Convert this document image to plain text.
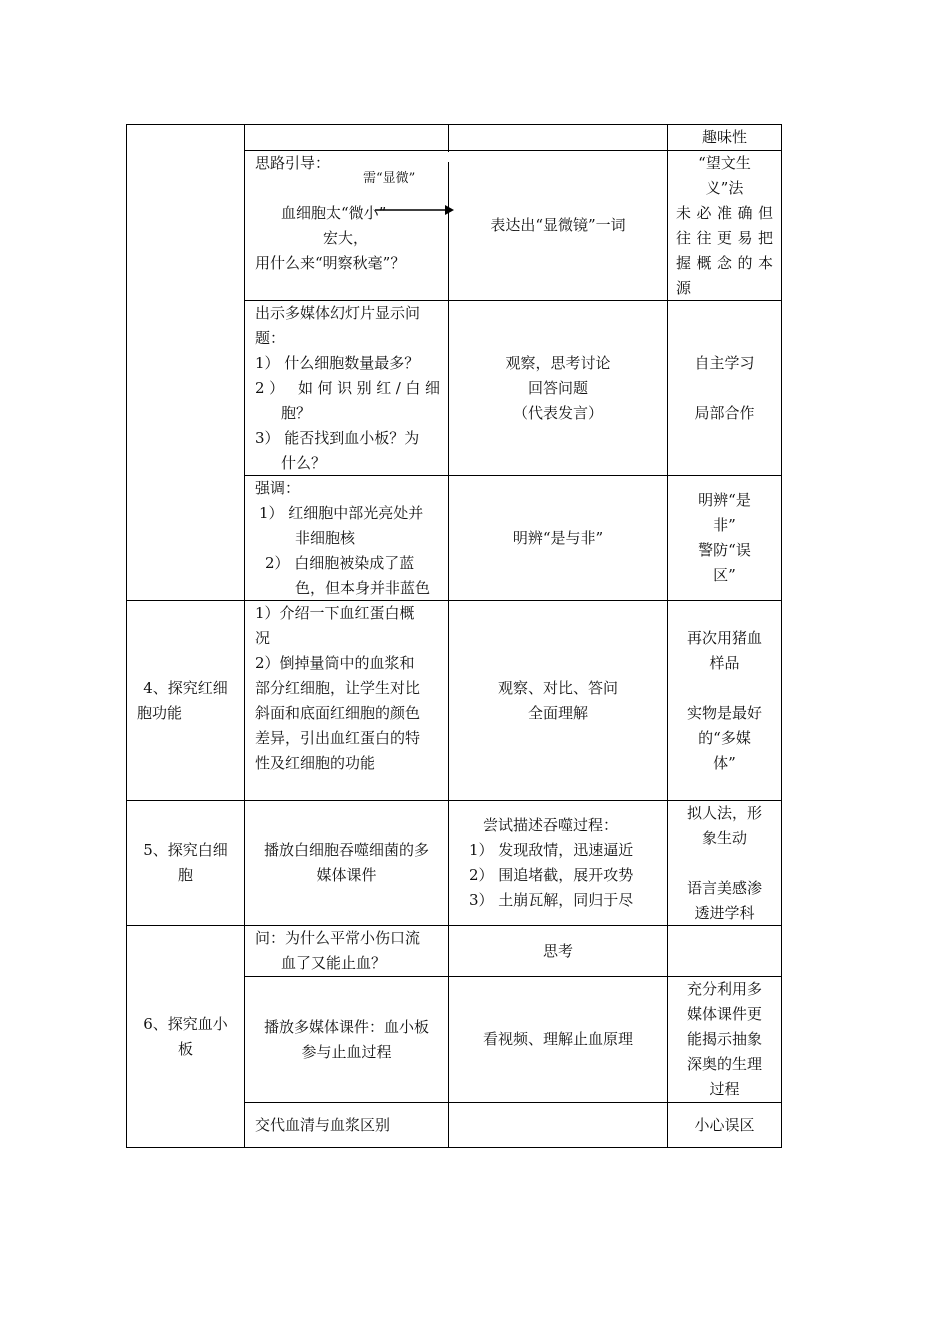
趣味性
思路引导：
需“显微”
血细胞太“微小”
宏大，
用什么来“明察秋毫”？
表达出“显微镜”一词
“望文生
义”法
未必准确但
往往更易把
握概念的本
源
出示多媒体幻灯片显示问
题：
1） 什么细胞数量最多？
2） 如何识别红/白细
胞？
3） 能否找到血小板？为
什么？
观察，思考讨论
回答问题
（代表发言）
自主学习
局部合作
强调：
1） 红细胞中部光亮处并
非细胞核
2） 白细胞被染成了蓝
色，但本身并非蓝色
明辨“是与非”
明辨“是
非”
警防“误
区”
4、探究红细
胞功能
1）介绍一下血红蛋白概
况
2）倒掉量筒中的血浆和
部分红细胞，让学生对比
斜面和底面红细胞的颜色
差异，引出血红蛋白的特
性及红细胞的功能
观察、对比、答问
全面理解
再次用猪血
样品
实物是最好
的“多媒
体”
5、探究白细
胞
播放白细胞吞噬细菌的多
媒体课件
尝试描述吞噬过程：
1） 发现敌情，迅速逼近
2） 围追堵截，展开攻势
3） 土崩瓦解，同归于尽
拟人法，形
象生动
语言美感渗
透进学科
6、探究血小
板
问：为什么平常小伤口流
血了又能止血？
思考
播放多媒体课件：血小板
参与止血过程
看视频、理解止血原理
充分利用多
媒体课件更
能揭示抽象
深奥的生理
过程
交代血清与血浆区别	小心误区
